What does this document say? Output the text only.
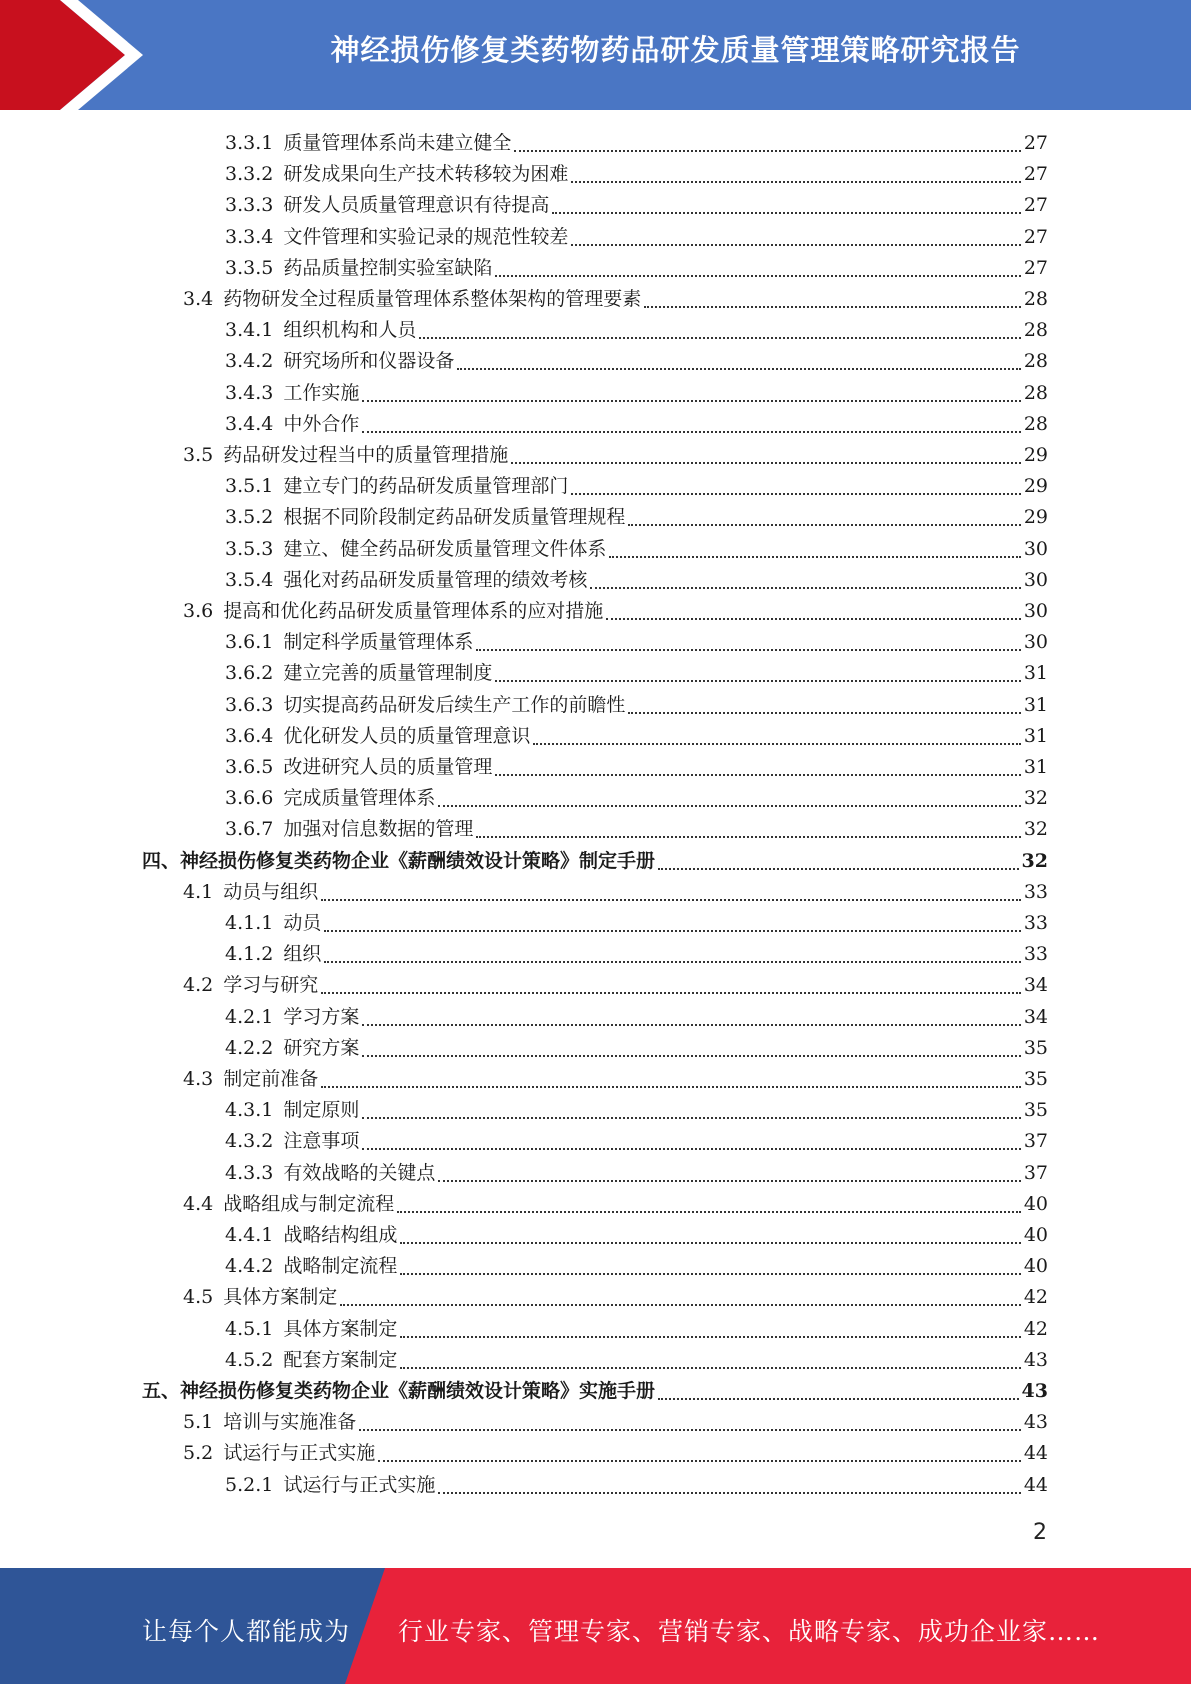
神经损伤修复类药物药品研发质量管理策略研究报告
3.3.1 质量管理体系尚未建立健全	27
3.3.2 研发成果向生产技术转移较为困难	27
3.3.3 研发人员质量管理意识有待提高	27
3.3.4 文件管理和实验记录的规范性较差	27
3.3.5 药品质量控制实验室缺陷	27
3.4 药物研发全过程质量管理体系整体架构的管理要素	28
3.4.1 组织机构和人员	28
3.4.2 研究场所和仪器设备	28
3.4.3 工作实施	28
3.4.4 中外合作	28
3.5 药品研发过程当中的质量管理措施	29
3.5.1 建立专门的药品研发质量管理部门	29
3.5.2 根据不同阶段制定药品研发质量管理规程	29
3.5.3 建立、健全药品研发质量管理文件体系	30
3.5.4 强化对药品研发质量管理的绩效考核	30
3.6 提高和优化药品研发质量管理体系的应对措施	30
3.6.1 制定科学质量管理体系	30
3.6.2 建立完善的质量管理制度	31
3.6.3 切实提高药品研发后续生产工作的前瞻性	31
3.6.4 优化研发人员的质量管理意识	31
3.6.5 改进研究人员的质量管理	31
3.6.6 完成质量管理体系	32
3.6.7 加强对信息数据的管理	32
四、神经损伤修复类药物企业《薪酬绩效设计策略》制定手册	32
4.1 动员与组织	33
4.1.1 动员	33
4.1.2 组织	33
4.2 学习与研究	34
4.2.1 学习方案	34
4.2.2 研究方案	35
4.3 制定前准备	35
4.3.1 制定原则	35
4.3.2 注意事项	37
4.3.3 有效战略的关键点	37
4.4 战略组成与制定流程	40
4.4.1 战略结构组成	40
4.4.2 战略制定流程	40
4.5 具体方案制定	42
4.5.1 具体方案制定	42
4.5.2 配套方案制定	43
五、神经损伤修复类药物企业《薪酬绩效设计策略》实施手册	43
5.1 培训与实施准备	43
5.2 试运行与正式实施	44
5.2.1 试运行与正式实施	44
2
让每个人都能成为 行业专家、管理专家、营销专家、战略专家、成功企业家……
